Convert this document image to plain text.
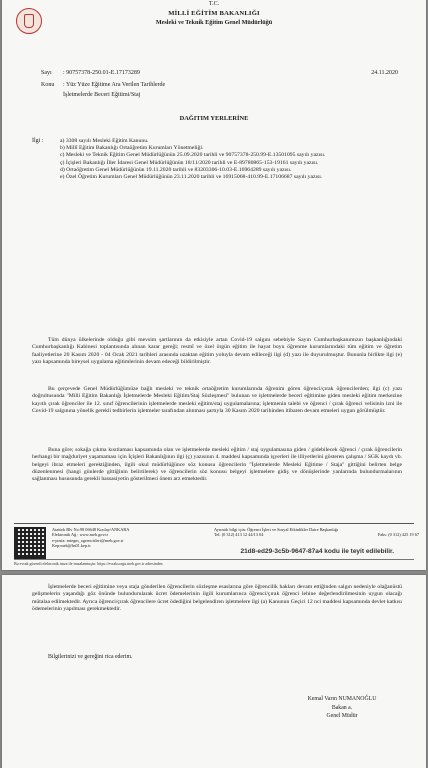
T.C.
MİLLİ EĞİTİM BAKANLIĞI
Mesleki ve Teknik Eğitim Genel Müdürlüğü
Sayı : 90757378-250.01-E.17173289	24.11.2020
Konu : Yüz Yüze Eğitime Ara Verilen Tarihlerde
İşletmelerde Beceri Eğitimi/Staj
DAĞITIM YERLERİNE
İlgi :	a) 3308 sayılı Mesleki Eğitim Kanunu.

b) Millî Eğitim Bakanlığı Ortaöğretim Kurumları Yönetmeliği.

c) Mesleki ve Teknik Eğitim Genel Müdürlüğünün 25.09.2020 tarihli ve 90757378-250.99-E.13501095 sayılı yazısı.

ç) İçişleri Bakanlığı İller İdaresi Genel Müdürlüğünün 18/11/2020 tarihli ve E-89780865-153-19161 sayılı yazısı.

d) Ortaöğretim Genel Müdürlüğünün 19.11.2020 tarihli ve 83203306-10.03-E.16964289 sayılı yazısı.

e) Özel Öğretim Kurumları Genel Müdürlüğünün 23.11.2020 tarihli ve 16915068-410.99-E.17106687 sayılı yazısı.

Tüm dünya ülkelerinde olduğu gibi mevsim şartlarının da etkisiyle artan Covid-19 salgını sebebiyle Sayın Cumhurbaşkanımızın başkanlığındaki Cumhurbaşkanlığı Kabinesi toplantısında alınan karar gereği; resmî ve özel örgün eğitim ile hayat boyu öğrenme kurumlarındaki tüm eğitim ve öğretim faaliyetlerine 20 Kasım 2020 - 04 Ocak 2021 tarihleri arasında uzaktan eğitim yoluyla devam edileceği ilgi (d) yazı ile duyurulmuştur. Bununla birlikte ilgi (e) yazı kapsamında bireysel uygulama eğitimlerinin devam edeceği bildirilmiştir.

Bu çerçevede Genel Müdürlüğümüze bağlı mesleki ve teknik ortaöğretim kurumlarında öğrenim gören öğrenci/çırak öğrencilerden; ilgi (c) yazı doğrultusunda "Milli Eğitim Bakanlığı İşletmelerde Mesleki Eğitim/Staj Sözleşmesi" bulunan ve işletmelerde beceri eğitimine giden mesleki eğitim merkezine kayıtlı çırak öğrenciler ile 12. sınıf öğrencilerinin işletmelerde mesleki eğitim/staj uygulamalarına; işletmenin talebi ve öğrenci / çırak öğrenci velisinin izni ile Covid-19 salgınına yönelik gerekli tedbirlerin işletmeler tarafından alınması şartıyla 30 Kasım 2020 tarihinden itibaren devam etmeleri uygun görülmüştür.

Buna göre; sokağa çıkma kısıtlaması kapsamında olan ve işletmelerde mesleki eğitim / staj uygulamasına giden / gidebilecek öğrenci / çırak öğrencilerin herhangi bir mağduriyet yaşamaması için İçişleri Bakanlığının ilgi (ç) yazısının 4. maddesi kapsamında işyerleri ile illiyetlerini gösteren çalışma / SGK kaydı vb. belgeyi ibraz etmeleri gerektiğinden, ilgili okul müdürlüğünce söz konusu öğrencilerin "İşletmelerde Mesleki Eğitime / Staja" gittiğini belirten belge düzenlenmesi (hangi günlerde gittiğinin belirtilerek) ve öğrencilerin söz konusu belgeyi işletmelere gidiş ve dönüşlerinde yanlarında bulundurmalarının sağlanması hususunda gerekli hassasiyetin gösterilmesi önem arz etmektedir.

Atatürk Blv No:98 06648 Kızılay/ANKARA
Elektronik Ağ : www.meb.gov.tr
e-posta: mtegm_ogrencisleri@meb.gov.tr
Kep:meb@hs01.kep.tr
Ayrıntılı bilgi için: Öğrenci İşleri ve Sosyal Etkinlikler Daire Başkanlığı
Tel: (0 312) 413 12 44/13 04	Faks: (0 312) 425 19 67
Bu evrak güvenli elektronik imza ile imzalanmıştır. https://evraksorgu.meb.gov.tr adresinden
21d8-ed29-3c5b-9647-87a4 kodu ile teyit edilebilir.

İşletmelerde beceri eğitimine veya staja gönderilen öğrencilerin sözleşme esaslarına göre öğrencilik hakları devam ettiğinden salgın nedeniyle olağanüstü gelişmelerin yaşandığı göz önünde bulundurularak ücret ödemelerinin ilgili kurumlarınca öğrenci/çırak öğrenci lehine değerlendirilmesinin uygun olacağı mütalaa edilmektedir. Ayrıca öğrenci/çırak öğrencilere ücret ödediğini belgelendiren işletmelere ilgi (a) Kanunun Geçici 12 nci maddesi kapsamında devlet katkısı ödemelerinin yapılması gerekmektedir.

Bilgilerinizi ve gereğini rica ederim.
Kemal Varın NUMANOĞLU
Bakan a.
Genel Müdür
